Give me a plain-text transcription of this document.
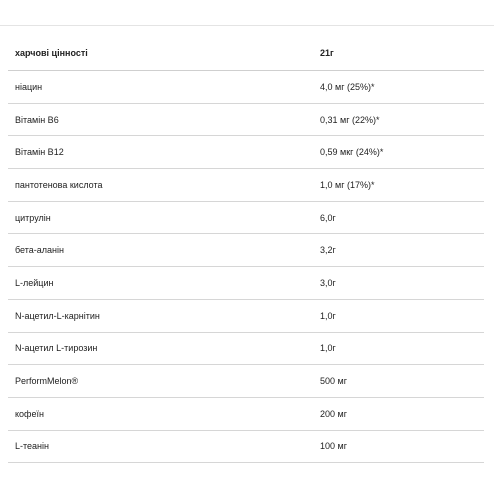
харчові цінності	21г
ніацин	4,0 мг (25%)*
Вітамін B6	0,31 мг (22%)*
Вітамін B12	0,59 мкг (24%)*
пантотенова кислота	1,0 мг (17%)*
цитрулін	6,0г
бета-аланін	3,2г
L-лейцин	3,0г
N-ацетил-L-карнітин	1,0г
N-ацетил L-тирозин	1,0г
PerformMelon®	500 мг
кофеїн	200 мг
L-теанін	100 мг
